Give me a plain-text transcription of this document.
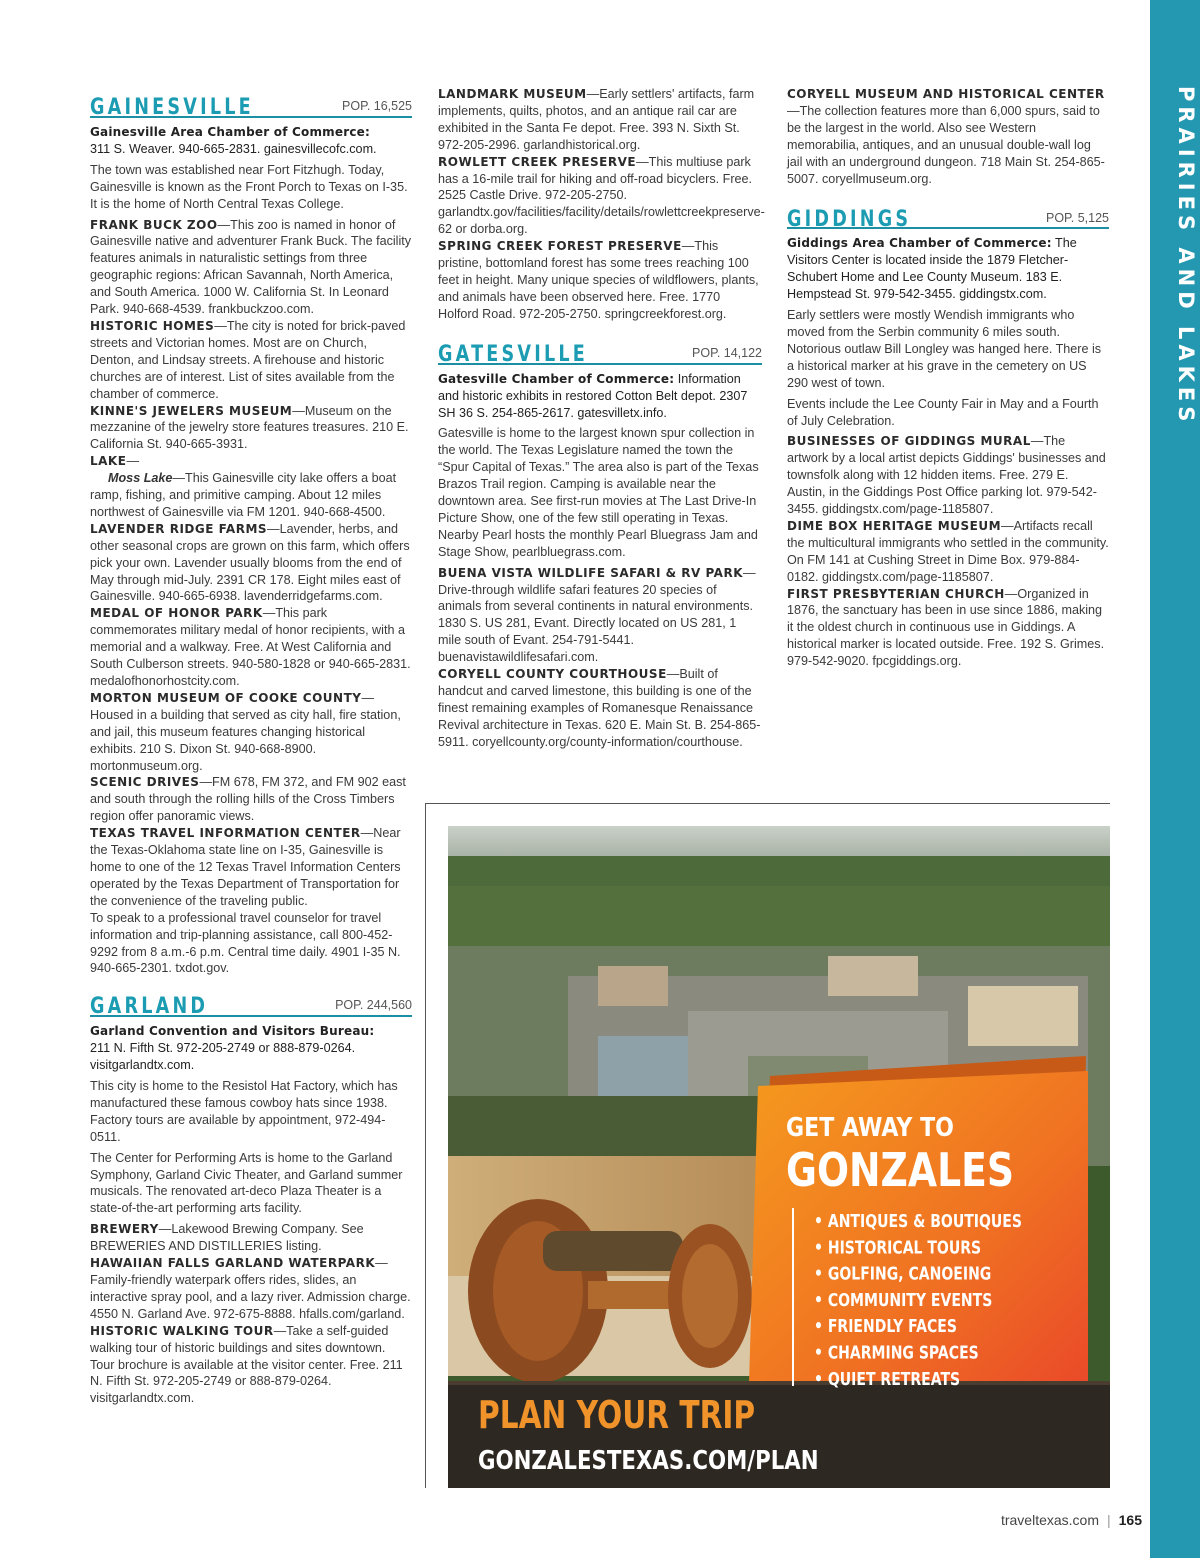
GAINESVILLE	POP. 16,525

Gainesville Area Chamber of Commerce:
311 S. Weaver. 940-665-2831. gainesvillecofc.com.

The town was established near Fort Fitzhugh. Today, Gainesville is known as the Front Porch to Texas on I-35. It is the home of North Central Texas College.

FRANK BUCK ZOO—This zoo is named in honor of Gainesville native and adventurer Frank Buck. The facility features animals in naturalistic settings from three geographic regions: African Savannah, North America, and South America. 1000 W. California St. In Leonard Park. 940-668-4539. frankbuckzoo.com.

HISTORIC HOMES—The city is noted for brick-paved streets and Victorian homes. Most are on Church, Denton, and Lindsay streets. A firehouse and historic churches are of interest. List of sites available from the chamber of commerce.

KINNE'S JEWELERS MUSEUM—Museum on the mezzanine of the jewelry store features treasures. 210 E. California St. 940-665-3931.

LAKE—

Moss Lake—This Gainesville city lake offers a boat ramp, fishing, and primitive camping. About 12 miles northwest of Gainesville via FM 1201. 940-668-4500.

LAVENDER RIDGE FARMS—Lavender, herbs, and other seasonal crops are grown on this farm, which offers pick your own. Lavender usually blooms from the end of May through mid-July. 2391 CR 178. Eight miles east of Gainesville. 940-665-6938. lavenderridgefarms.com.

MEDAL OF HONOR PARK—This park commemorates military medal of honor recipients, with a memorial and a walkway. Free. At West California and South Culberson streets. 940-580-1828 or 940-665-2831. medalofhonorhostcity.com.

MORTON MUSEUM OF COOKE COUNTY—Housed in a building that served as city hall, fire station, and jail, this museum features changing historical exhibits. 210 S. Dixon St. 940-668-8900. mortonmuseum.org.

SCENIC DRIVES—FM 678, FM 372, and FM 902 east and south through the rolling hills of the Cross Timbers region offer panoramic views.

TEXAS TRAVEL INFORMATION CENTER—Near the Texas-Oklahoma state line on I-35, Gainesville is home to one of the 12 Texas Travel Information Centers operated by the Texas Department of Transportation for the convenience of the traveling public.

To speak to a professional travel counselor for travel information and trip-planning assistance, call 800-452-9292 from 8 a.m.-6 p.m. Central time daily. 4901 I-35 N. 940-665-2301. txdot.gov.

GARLAND	POP. 244,560

Garland Convention and Visitors Bureau:
211 N. Fifth St. 972-205-2749 or 888-879-0264. visitgarlandtx.com.

This city is home to the Resistol Hat Factory, which has manufactured these famous cowboy hats since 1938. Factory tours are available by appointment, 972-494-0511.

The Center for Performing Arts is home to the Garland Symphony, Garland Civic Theater, and Garland summer musicals. The renovated art-deco Plaza Theater is a state-of-the-art performing arts facility.

BREWERY—Lakewood Brewing Company. See BREWERIES AND DISTILLERIES listing.

HAWAIIAN FALLS GARLAND WATERPARK—Family-friendly waterpark offers rides, slides, an interactive spray pool, and a lazy river. Admission charge. 4550 N. Garland Ave. 972-675-8888. hfalls.com/garland.

HISTORIC WALKING TOUR—Take a self-guided walking tour of historic buildings and sites downtown. Tour brochure is available at the visitor center. Free. 211 N. Fifth St. 972-205-2749 or 888-879-0264. visitgarlandtx.com.

LANDMARK MUSEUM—Early settlers' artifacts, farm implements, quilts, photos, and an antique rail car are exhibited in the Santa Fe depot. Free. 393 N. Sixth St. 972-205-2996. garlandhistorical.org.

ROWLETT CREEK PRESERVE—This multiuse park has a 16-mile trail for hiking and off-road bicyclers. Free. 2525 Castle Drive. 972-205-2750. garlandtx.gov/facilities/facility/details/rowlettcreekpreserve-62 or dorba.org.

SPRING CREEK FOREST PRESERVE—This pristine, bottomland forest has some trees reaching 100 feet in height. Many unique species of wildflowers, plants, and animals have been observed here. Free. 1770 Holford Road. 972-205-2750. springcreekforest.org.

GATESVILLE	POP. 14,122

Gatesville Chamber of Commerce: Information and historic exhibits in restored Cotton Belt depot. 2307 SH 36 S. 254-865-2617. gatesvilletx.info.

Gatesville is home to the largest known spur collection in the world. The Texas Legislature named the town the “Spur Capital of Texas.” The area also is part of the Texas Brazos Trail region. Camping is available near the downtown area. See first-run movies at The Last Drive-In Picture Show, one of the few still operating in Texas. Nearby Pearl hosts the monthly Pearl Bluegrass Jam and Stage Show, pearlbluegrass.com.

BUENA VISTA WILDLIFE SAFARI & RV PARK—Drive-through wildlife safari features 20 species of animals from several continents in natural environments. 1830 S. US 281, Evant. Directly located on US 281, 1 mile south of Evant. 254-791-5441. buenavistawildlifesafari.com.

CORYELL COUNTY COURTHOUSE—Built of handcut and carved limestone, this building is one of the finest remaining examples of Romanesque Renaissance Revival architecture in Texas. 620 E. Main St. B. 254-865-5911. coryellcounty.org/county-information/courthouse.

CORYELL MUSEUM AND HISTORICAL CENTER—The collection features more than 6,000 spurs, said to be the largest in the world. Also see Western memorabilia, antiques, and an unusual double-wall log jail with an underground dungeon. 718 Main St. 254-865-5007. coryellmuseum.org.

GIDDINGS	POP. 5,125

Giddings Area Chamber of Commerce: The Visitors Center is located inside the 1879 Fletcher-Schubert Home and Lee County Museum. 183 E. Hempstead St. 979-542-3455. giddingstx.com.

Early settlers were mostly Wendish immigrants who moved from the Serbin community 6 miles south. Notorious outlaw Bill Longley was hanged here. There is a historical marker at his grave in the cemetery on US 290 west of town.

Events include the Lee County Fair in May and a Fourth of July Celebration.

BUSINESSES OF GIDDINGS MURAL—The artwork by a local artist depicts Giddings' businesses and townsfolk along with 12 hidden items. Free. 279 E. Austin, in the Giddings Post Office parking lot. 979-542-3455. giddingstx.com/page-1185807.

DIME BOX HERITAGE MUSEUM—Artifacts recall the multicultural immigrants who settled in the community. On FM 141 at Cushing Street in Dime Box. 979-884-0182. giddingstx.com/page-1185807.

FIRST PRESBYTERIAN CHURCH—Organized in 1876, the sanctuary has been in use since 1886, making it the oldest church in continuous use in Giddings. A historical marker is located outside. Free. 192 S. Grimes. 979-542-9020. fpcgiddings.org.

PRAIRIES AND LAKES
GET AWAY TO
GONZALES
• ANTIQUES & BOUTIQUES
• HISTORICAL TOURS
• GOLFING, CANOEING
• COMMUNITY EVENTS
• FRIENDLY FACES
• CHARMING SPACES
• QUIET RETREATS
PLAN YOUR TRIP
GONZALESTEXAS.COM/PLAN
traveltexas.com | 165
